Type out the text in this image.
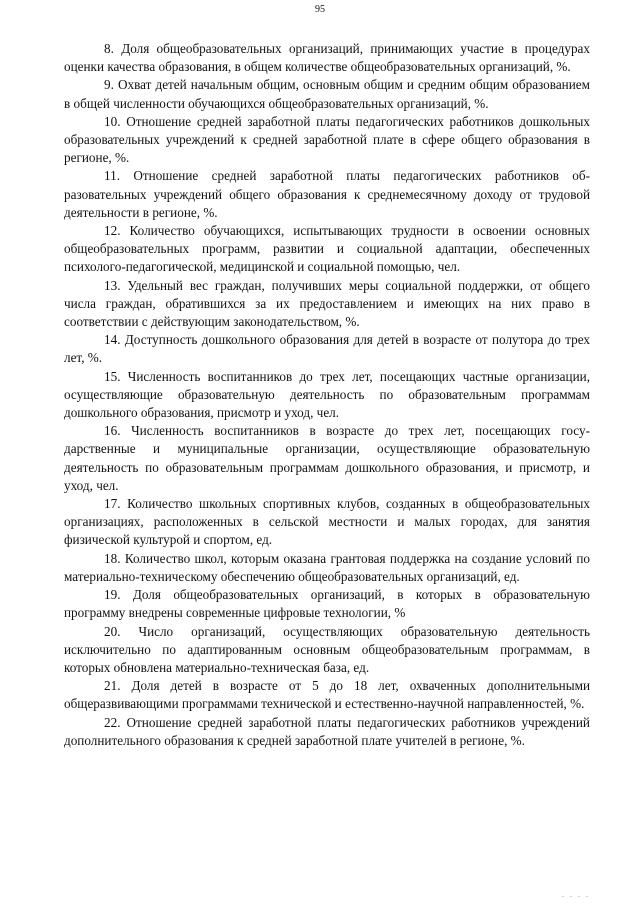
95

8. Доля общеобразовательных организаций, принимающих участие в процедурах оценки качества образования, в общем количестве общеобразовательных организаций, %.

9. Охват детей начальным общим, основным общим и средним общим образованием в общей численности обучающихся общеобразовательных организаций, %.

10. Отношение средней заработной платы педагогических работников дошкольных образовательных учреждений к средней заработной плате в сфере общего образования в регионе, %.

11. Отношение средней заработной платы педагогических работников образовательных учреждений общего образования к среднемесячному доходу от трудовой деятельности в регионе, %.

12. Количество обучающихся, испытывающих трудности в освоении основных общеобразовательных программ, развитии и социальной адаптации, обеспеченных психолого-педагогической, медицинской и социальной помощью, чел.

13. Удельный вес граждан, получивших меры социальной поддержки, от общего числа граждан, обратившихся за их предоставлением и имеющих на них право в соответствии с действующим законодательством, %.

14. Доступность дошкольного образования для детей в возрасте от полутора до трех лет, %.

15. Численность воспитанников до трех лет, посещающих частные организации, осуществляющие образовательную деятельность по образовательным программам дошкольного образования, присмотр и уход, чел.

16. Численность воспитанников в возрасте до трех лет, посещающих государственные и муниципальные организации, осуществляющие образовательную деятельность по образовательным программам дошкольного образования, и присмотр, и уход, чел.

17. Количество школьных спортивных клубов, созданных в общеобразовательных организациях, расположенных в сельской местности и малых городах, для занятия физической культурой и спортом, ед.

18. Количество школ, которым оказана грантовая поддержка на создание условий по материально-техническому обеспечению общеобразовательных организаций, ед.

19. Доля общеобразовательных организаций, в которых в образовательную программу внедрены современные цифровые технологии, %

20. Число организаций, осуществляющих образовательную деятельность исключительно по адаптированным основным общеобразовательным программам, в которых обновлена материально-техническая база, ед.

21. Доля детей в возрасте от 5 до 18 лет, охваченных дополнительными общеразвивающими программами технической и естественно-научной направленностей, %.

22. Отношение средней заработной платы педагогических работников учреждений дополнительного образования к средней заработной плате учителей в регионе, %.

. . . .
